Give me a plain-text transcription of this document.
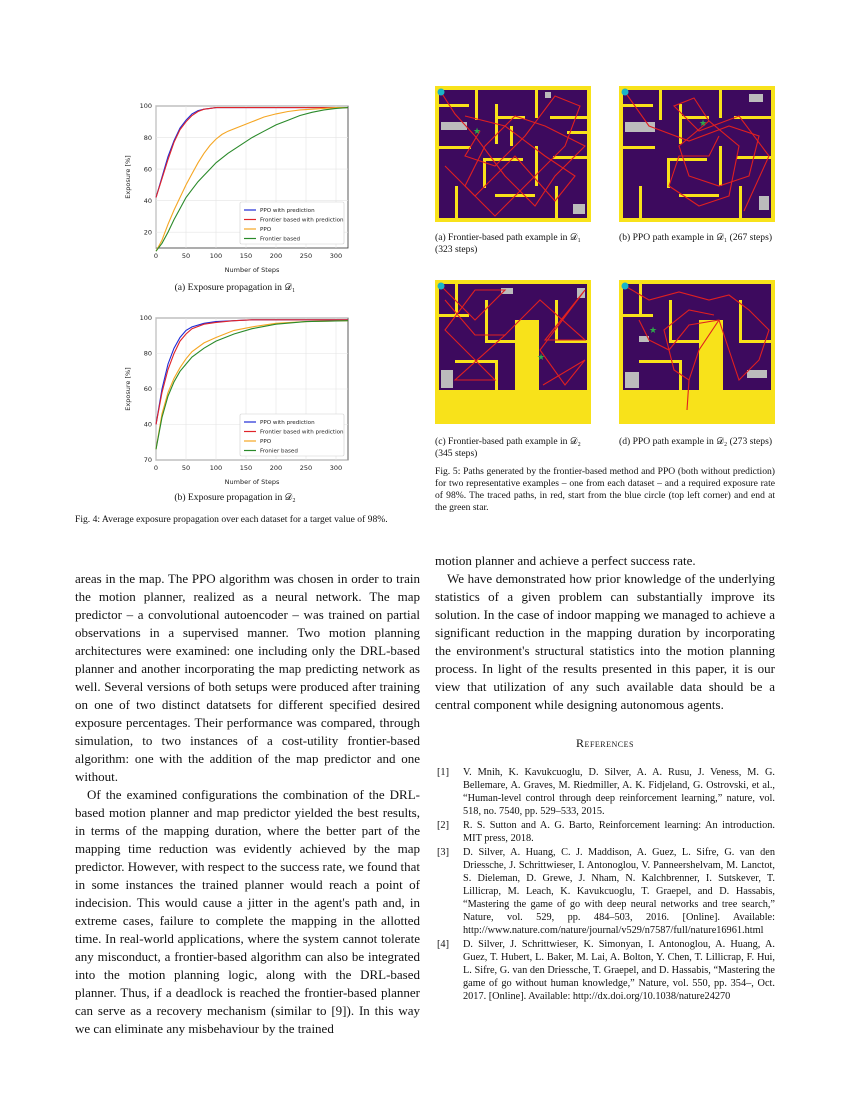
0	50	100	150	200	250	300
20
40
60
80
100
Number of Steps
Exposure [%]
PPO with prediction
Frontier based with prediction
PPO
Frontier based
(a) Exposure propagation in 𝒟₁
0	50	100	150	200	250	300
70
40
60
80
100
Number of Steps
Exposure [%]
PPO with prediction
Frontier based with prediction
PPO
Fronier based
(b) Exposure propagation in 𝒟₂
Fig. 4: Average exposure propagation over each dataset for a target value of 98%.
★
(a) Frontier-based path example in 𝒟₁ (323 steps)
★
(b) PPO path example in 𝒟₁ (267 steps)
★
(c) Frontier-based path example in 𝒟₂ (345 steps)
★
(d) PPO path example in 𝒟₂ (273 steps)
Fig. 5: Paths generated by the frontier-based method and PPO (both without prediction) for two representative examples – one from each dataset – and a required exposure rate of 98%. The traced paths, in red, start from the blue circle (top left corner) and end at the green star.

areas in the map. The PPO algorithm was chosen in order to train the motion planner, realized as a neural network. The map predictor – a convolutional autoencoder – was trained on partial observations in a supervised manner. Two motion planning architectures were examined: one including only the DRL-based planner and another incorporating the map predicting network as well. Several versions of both setups were produced after training on one of two distinct datatsets for different specified desired exposure percentages. Their performance was compared, through simulation, to two instances of a cost-utility frontier-based algorithm: one with the addition of the map predictor and one without.

Of the examined configurations the combination of the DRL-based motion planner and map predictor yielded the best results, in terms of the mapping duration, where the better part of the mapping time reduction was evidently achieved by the map predictor. However, with respect to the success rate, we found that in some instances the trained planner would reach a point of indecision. This would cause a jitter in the agent's path and, in extreme cases, failure to complete the mapping in the allotted time. In real-world applications, where the system cannot tolerate any misconduct, a frontier-based algorithm can also be integrated into the motion planning logic, along with the DRL-based planner. Thus, if a deadlock is reached the frontier-based planner can serve as a recovery mechanism (similar to [9]). In this way we can eliminate any misbehaviour by the trained

motion planner and achieve a perfect success rate.

We have demonstrated how prior knowledge of the underlying statistics of a given problem can substantially improve its solution. In the case of indoor mapping we managed to achieve a significant reduction in the mapping duration by incorporating the environment's structural statistics into the motion planning process. In light of the results presented in this paper, it is our view that utilization of any such available data should be a central component while designing autonomous agents.

References
[1] V. Mnih, K. Kavukcuoglu, D. Silver, A. A. Rusu, J. Veness, M. G. Bellemare, A. Graves, M. Riedmiller, A. K. Fidjeland, G. Ostrovski, et al., “Human-level control through deep reinforcement learning,” nature, vol. 518, no. 7540, pp. 529–533, 2015.
[2] R. S. Sutton and A. G. Barto, Reinforcement learning: An introduction. MIT press, 2018.
[3] D. Silver, A. Huang, C. J. Maddison, A. Guez, L. Sifre, G. van den Driessche, J. Schrittwieser, I. Antonoglou, V. Panneershelvam, M. Lanctot, S. Dieleman, D. Grewe, J. Nham, N. Kalchbrenner, I. Sutskever, T. Lillicrap, M. Leach, K. Kavukcuoglu, T. Graepel, and D. Hassabis, “Mastering the game of go with deep neural networks and tree search,” Nature, vol. 529, pp. 484–503, 2016. [Online]. Available: http://www.nature.com/nature/journal/v529/n7587/full/nature16961.html
[4] D. Silver, J. Schrittwieser, K. Simonyan, I. Antonoglou, A. Huang, A. Guez, T. Hubert, L. Baker, M. Lai, A. Bolton, Y. Chen, T. Lillicrap, F. Hui, L. Sifre, G. van den Driessche, T. Graepel, and D. Hassabis, “Mastering the game of go without human knowledge,” Nature, vol. 550, pp. 354–, Oct. 2017. [Online]. Available: http://dx.doi.org/10.1038/nature24270
